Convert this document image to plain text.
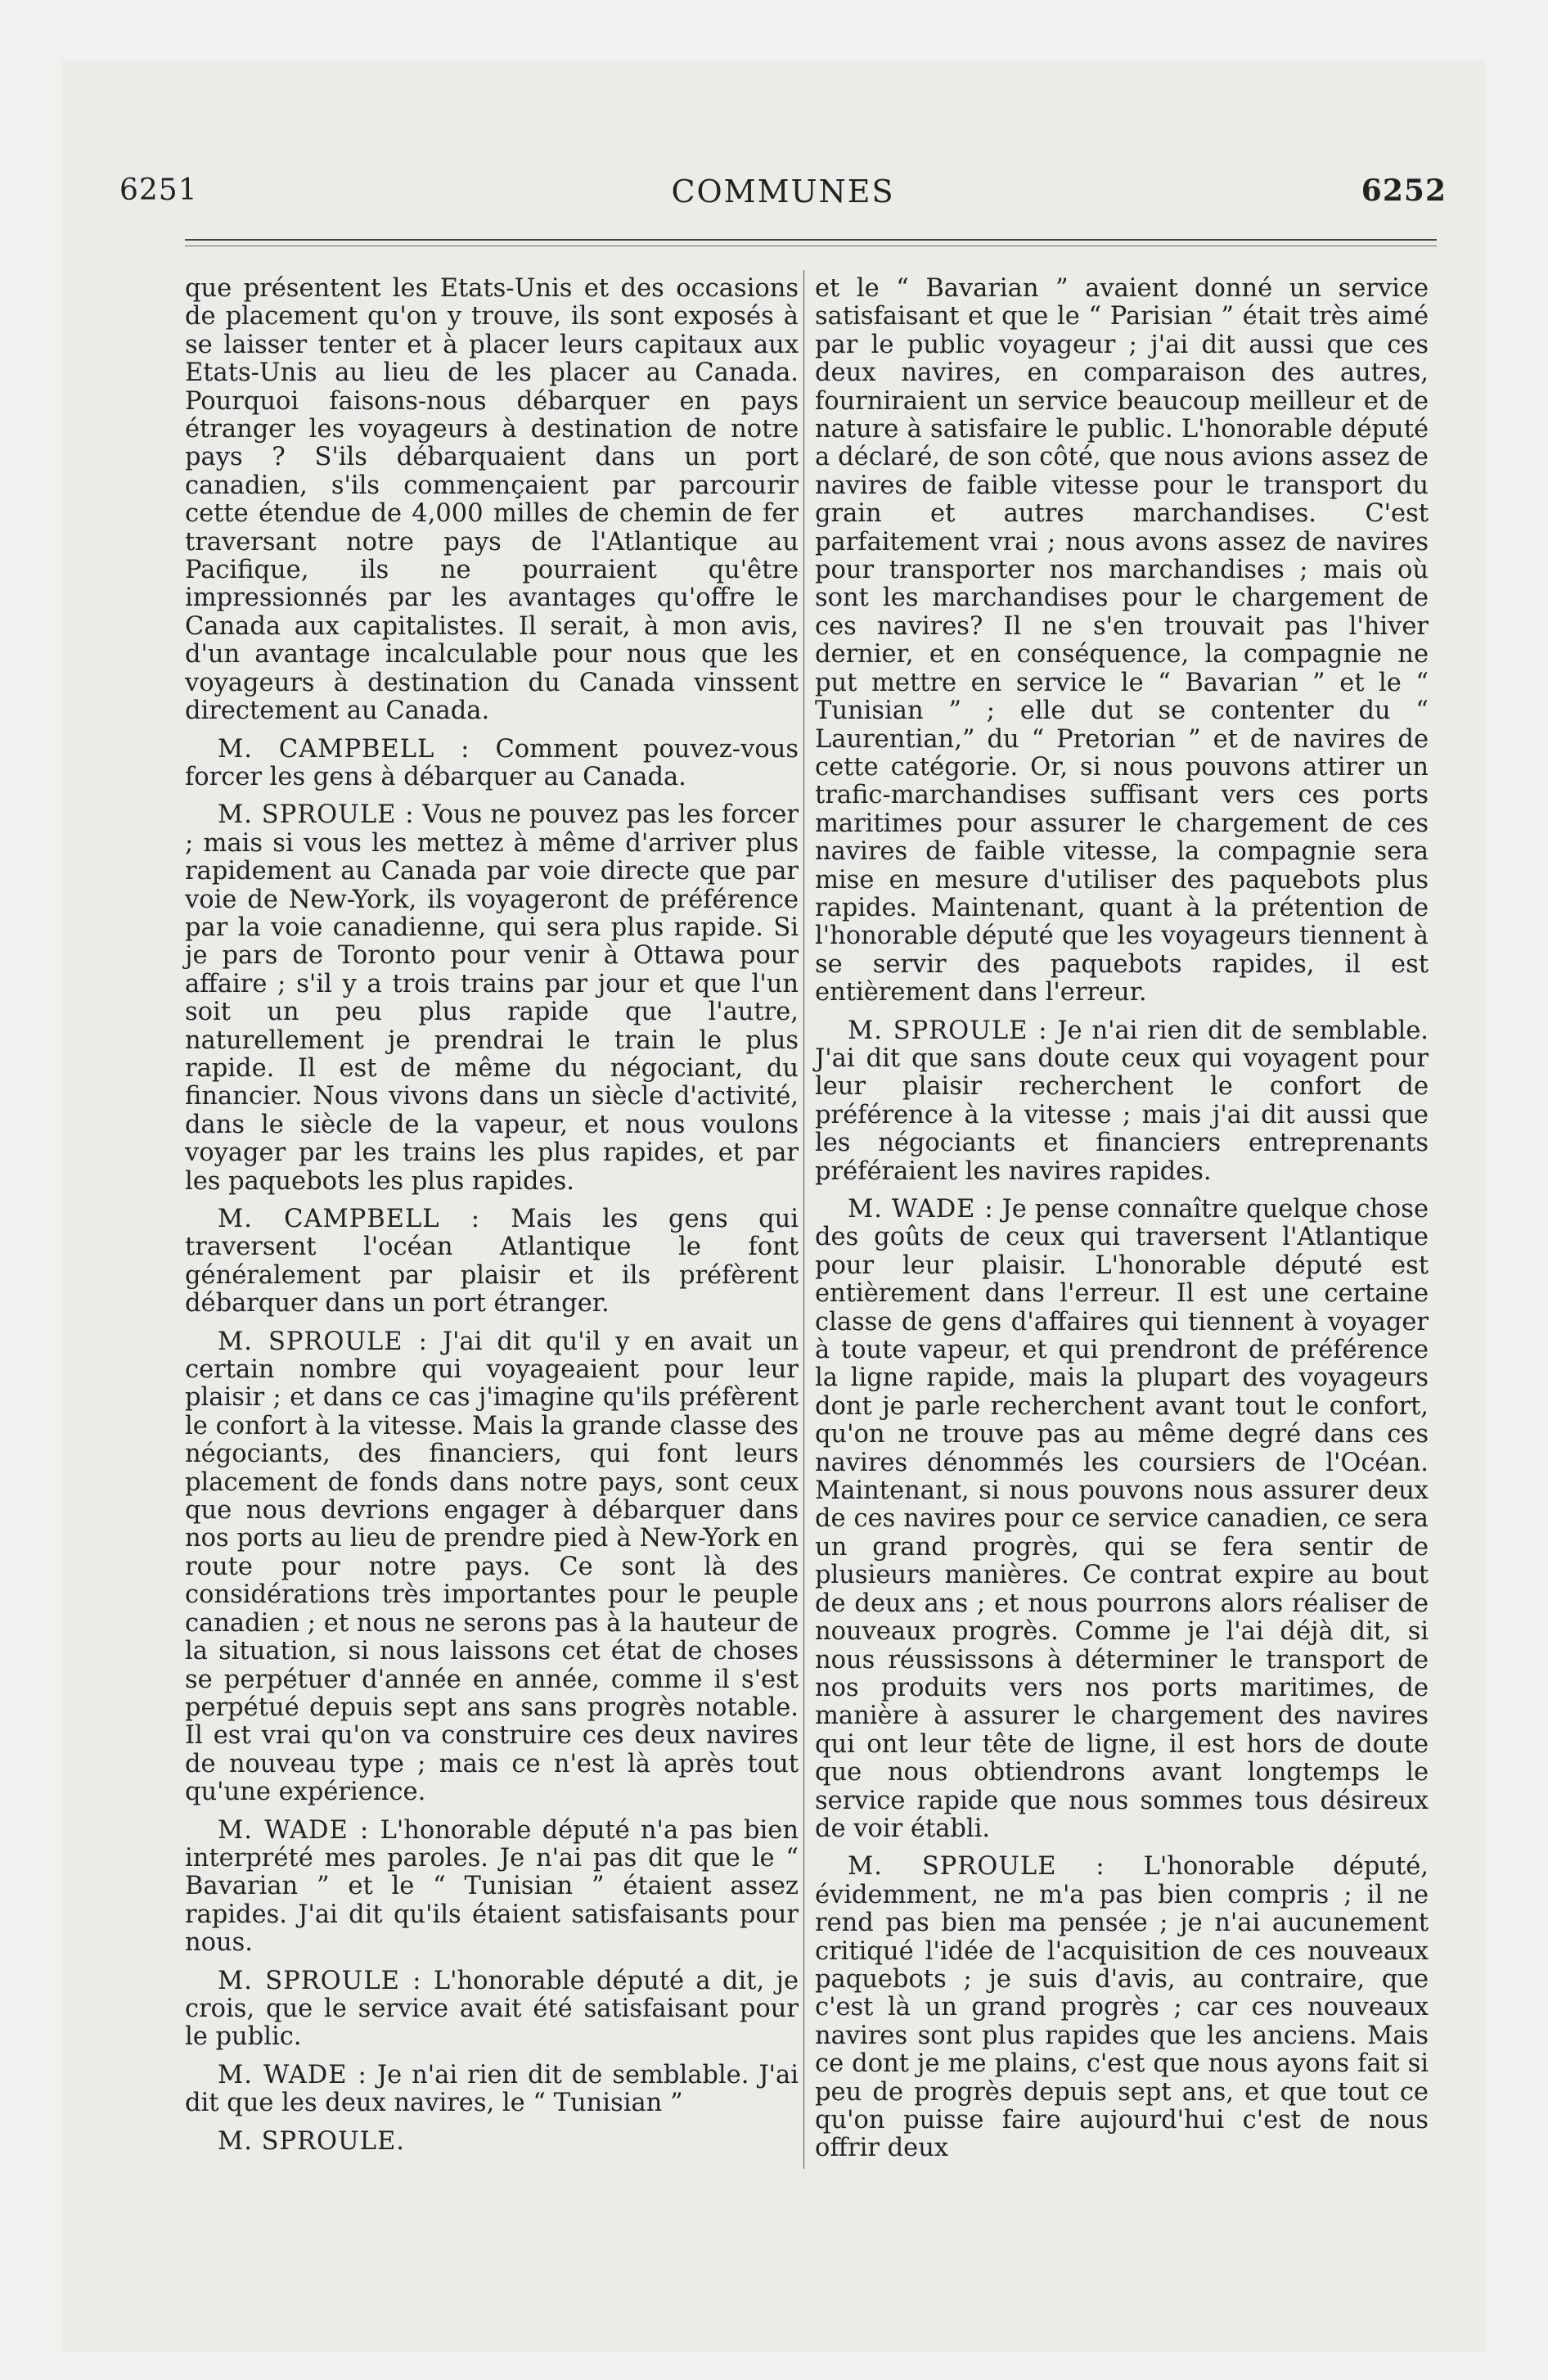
6251	COMMUNES	6252

que présentent les Etats-Unis et des occasions de placement qu'on y trouve, ils sont exposés à se laisser tenter et à placer leurs capitaux aux Etats-Unis au lieu de les placer au Canada. Pourquoi faisons-nous débarquer en pays étranger les voyageurs à destination de notre pays ? S'ils débarquaient dans un port canadien, s'ils commençaient par parcourir cette étendue de 4,000 milles de chemin de fer traversant notre pays de l'Atlantique au Pacifique, ils ne pourraient qu'être impressionnés par les avantages qu'offre le Canada aux capitalistes. Il serait, à mon avis, d'un avantage incalculable pour nous que les voyageurs à destination du Canada vinssent directement au Canada.

M. CAMPBELL : Comment pouvez-vous forcer les gens à débarquer au Canada.

M. SPROULE : Vous ne pouvez pas les forcer ; mais si vous les mettez à même d'arriver plus rapidement au Canada par voie directe que par voie de New-York, ils voyageront de préférence par la voie canadienne, qui sera plus rapide. Si je pars de Toronto pour venir à Ottawa pour affaire ; s'il y a trois trains par jour et que l'un soit un peu plus rapide que l'autre, naturellement je prendrai le train le plus rapide. Il est de même du négociant, du financier. Nous vivons dans un siècle d'activité, dans le siècle de la vapeur, et nous voulons voyager par les trains les plus rapides, et par les paquebots les plus rapides.

M. CAMPBELL : Mais les gens qui traversent l'océan Atlantique le font généralement par plaisir et ils préfèrent débarquer dans un port étranger.

M. SPROULE : J'ai dit qu'il y en avait un certain nombre qui voyageaient pour leur plaisir ; et dans ce cas j'imagine qu'ils préfèrent le confort à la vitesse. Mais la grande classe des négociants, des financiers, qui font leurs placement de fonds dans notre pays, sont ceux que nous devrions engager à débarquer dans nos ports au lieu de prendre pied à New-York en route pour notre pays. Ce sont là des considérations très importantes pour le peuple canadien ; et nous ne serons pas à la hauteur de la situation, si nous laissons cet état de choses se perpétuer d'année en année, comme il s'est perpétué depuis sept ans sans progrès notable. Il est vrai qu'on va construire ces deux navires de nouveau type ; mais ce n'est là après tout qu'une expérience.

M. WADE : L'honorable député n'a pas bien interprété mes paroles. Je n'ai pas dit que le “ Bavarian ” et le “ Tunisian ” étaient assez rapides. J'ai dit qu'ils étaient satisfaisants pour nous.

M. SPROULE : L'honorable député a dit, je crois, que le service avait été satisfaisant pour le public.

M. WADE : Je n'ai rien dit de semblable. J'ai dit que les deux navires, le “ Tunisian ”

M. SPROULE.

et le “ Bavarian ” avaient donné un service satisfaisant et que le “ Parisian ” était très aimé par le public voyageur ; j'ai dit aussi que ces deux navires, en comparaison des autres, fourniraient un service beaucoup meilleur et de nature à satisfaire le public. L'honorable député a déclaré, de son côté, que nous avions assez de navires de faible vitesse pour le transport du grain et autres marchandises. C'est parfaitement vrai ; nous avons assez de navires pour transporter nos marchandises ; mais où sont les marchandises pour le chargement de ces navires? Il ne s'en trouvait pas l'hiver dernier, et en conséquence, la compagnie ne put mettre en service le “ Bavarian ” et le “ Tunisian ” ; elle dut se contenter du “ Laurentian,” du “ Pretorian ” et de navires de cette catégorie. Or, si nous pouvons attirer un trafic-marchandises suffisant vers ces ports maritimes pour assurer le chargement de ces navires de faible vitesse, la compagnie sera mise en mesure d'utiliser des paquebots plus rapides. Maintenant, quant à la prétention de l'honorable député que les voyageurs tiennent à se servir des paquebots rapides, il est entièrement dans l'erreur.

M. SPROULE : Je n'ai rien dit de semblable. J'ai dit que sans doute ceux qui voyagent pour leur plaisir recherchent le confort de préférence à la vitesse ; mais j'ai dit aussi que les négociants et financiers entreprenants préféraient les navires rapides.

M. WADE : Je pense connaître quelque chose des goûts de ceux qui traversent l'Atlantique pour leur plaisir. L'honorable député est entièrement dans l'erreur. Il est une certaine classe de gens d'affaires qui tiennent à voyager à toute vapeur, et qui prendront de préférence la ligne rapide, mais la plupart des voyageurs dont je parle recherchent avant tout le confort, qu'on ne trouve pas au même degré dans ces navires dénommés les coursiers de l'Océan. Maintenant, si nous pouvons nous assurer deux de ces navires pour ce service canadien, ce sera un grand progrès, qui se fera sentir de plusieurs manières. Ce contrat expire au bout de deux ans ; et nous pourrons alors réaliser de nouveaux progrès. Comme je l'ai déjà dit, si nous réussissons à déterminer le transport de nos produits vers nos ports maritimes, de manière à assurer le chargement des navires qui ont leur tête de ligne, il est hors de doute que nous obtiendrons avant longtemps le service rapide que nous sommes tous désireux de voir établi.

M. SPROULE : L'honorable député, évidemment, ne m'a pas bien compris ; il ne rend pas bien ma pensée ; je n'ai aucunement critiqué l'idée de l'acquisition de ces nouveaux paquebots ; je suis d'avis, au contraire, que c'est là un grand progrès ; car ces nouveaux navires sont plus rapides que les anciens. Mais ce dont je me plains, c'est que nous ayons fait si peu de progrès depuis sept ans, et que tout ce qu'on puisse faire aujourd'hui c'est de nous offrir deux
